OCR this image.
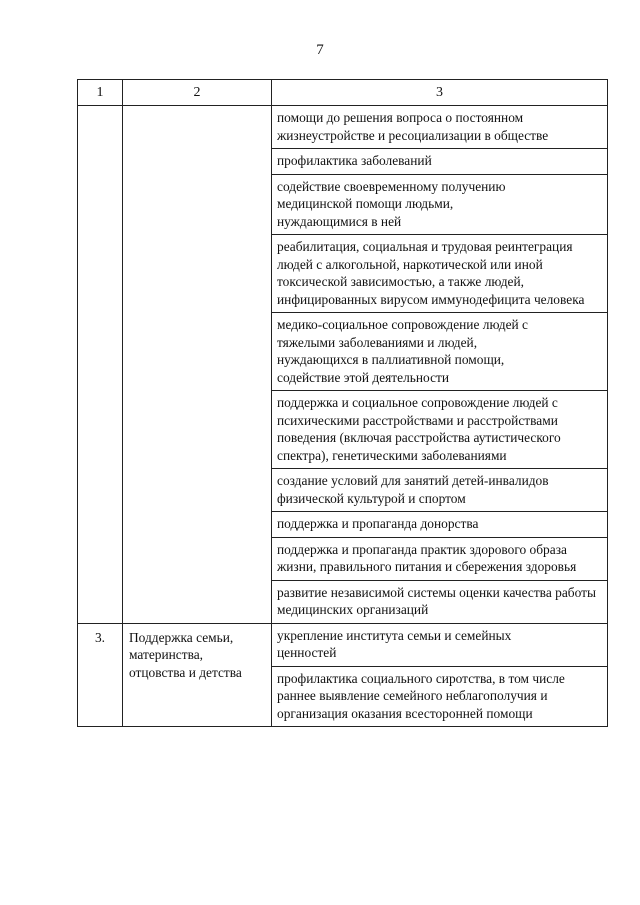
7
1	2	3

		помощи до решения вопроса о постоянном жизнеустройстве и ресоциализации в обществе

		профилактика заболеваний

		содействие своевременному получению медицинской помощи людьми, нуждающимися в ней

		реабилитация, социальная и трудовая реинтеграция людей с алкогольной, наркотической или иной токсической зависимостью, а также людей, инфицированных вирусом иммунодефицита человека

		медико-социальное сопровождение людей с тяжелыми заболеваниями и людей, нуждающихся в паллиативной помощи, содействие этой деятельности

		поддержка и социальное сопровождение людей с психическими расстройствами и расстройствами поведения (включая расстройства аутистического спектра), генетическими заболеваниями

		создание условий для занятий детей-инвалидов физической культурой и спортом

		поддержка и пропаганда донорства

		поддержка и пропаганда практик здорового образа жизни, правильного питания и сбережения здоровья

		развитие независимой системы оценки качества работы медицинских организаций

3.	Поддержка семьи, материнства, отцовства и детства	укрепление института семьи и семейных ценностей

		профилактика социального сиротства, в том числе раннее выявление семейного неблагополучия и организация оказания всесторонней помощи
